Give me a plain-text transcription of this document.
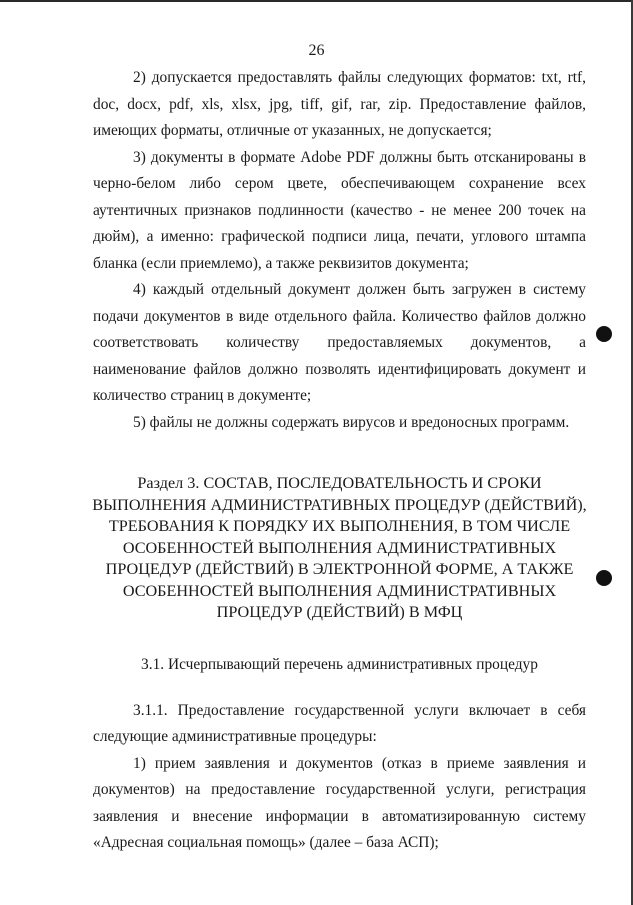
26

2) допускается предоставлять файлы следующих форматов: txt, rtf, doc, docx, pdf, xls, xlsx, jpg, tiff, gif, rar, zip. Предоставление файлов, имеющих форматы, отличные от указанных, не допускается;

3) документы в формате Adobe PDF должны быть отсканированы в черно-белом либо сером цвете, обеспечивающем сохранение всех аутентичных признаков подлинности (качество - не менее 200 точек на дюйм), а именно: графической подписи лица, печати, углового штампа бланка (если приемлемо), а также реквизитов документа;

4) каждый отдельный документ должен быть загружен в систему подачи документов в виде отдельного файла. Количество файлов должно соответствовать количеству предоставляемых документов, а наименование файлов должно позволять идентифицировать документ и количество страниц в документе;

5) файлы не должны содержать вирусов и вредоносных программ.

Раздел 3. СОСТАВ, ПОСЛЕДОВАТЕЛЬНОСТЬ И СРОКИ ВЫПОЛНЕНИЯ АДМИНИСТРАТИВНЫХ ПРОЦЕДУР (ДЕЙСТВИЙ), ТРЕБОВАНИЯ К ПОРЯДКУ ИХ ВЫПОЛНЕНИЯ, В ТОМ ЧИСЛЕ ОСОБЕННОСТЕЙ ВЫПОЛНЕНИЯ АДМИНИСТРАТИВНЫХ ПРОЦЕДУР (ДЕЙСТВИЙ) В ЭЛЕКТРОННОЙ ФОРМЕ, А ТАКЖЕ ОСОБЕННОСТЕЙ ВЫПОЛНЕНИЯ АДМИНИСТРАТИВНЫХ ПРОЦЕДУР (ДЕЙСТВИЙ) В МФЦ
3.1. Исчерпывающий перечень административных процедур

3.1.1. Предоставление государственной услуги включает в себя следующие административные процедуры:

1) прием заявления и документов (отказ в приеме заявления и документов) на предоставление государственной услуги, регистрация заявления и внесение информации в автоматизированную систему «Адресная социальная помощь» (далее – база АСП);
